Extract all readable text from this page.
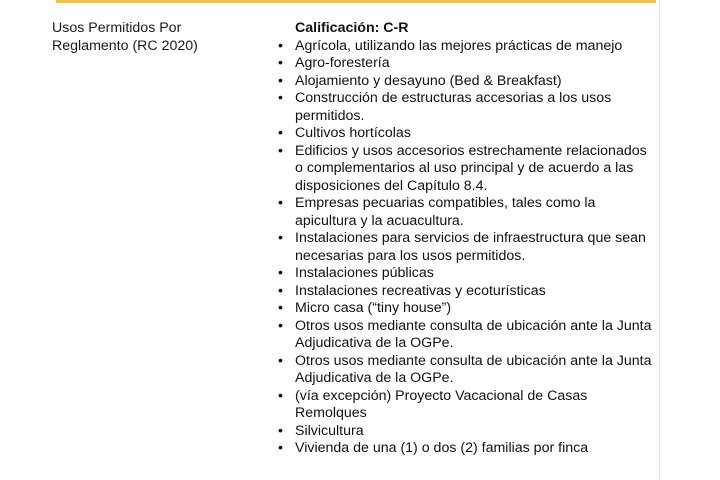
Usos Permitidos Por
Reglamento (RC 2020)
Calificación: C-R
• Agrícola, utilizando las mejores prácticas de manejo
• Agro-forestería
• Alojamiento y desayuno (Bed & Breakfast)
• Construcción de estructuras accesorias a los usos permitidos.
• Cultivos hortícolas
• Edificios y usos accesorios estrechamente relacionados o complementarios al uso principal y de acuerdo a las disposiciones del Capítulo 8.4.
• Empresas pecuarias compatibles, tales como la apicultura y la acuacultura.
• Instalaciones para servicios de infraestructura que sean necesarias para los usos permitidos.
• Instalaciones públicas
• Instalaciones recreativas y ecoturísticas
• Micro casa (“tiny house”)
• Otros usos mediante consulta de ubicación ante la Junta Adjudicativa de la OGPe.
• Otros usos mediante consulta de ubicación ante la Junta Adjudicativa de la OGPe.
• (vía excepción) Proyecto Vacacional de Casas Remolques
• Silvicultura
• Vivienda de una (1) o dos (2) familias por finca
